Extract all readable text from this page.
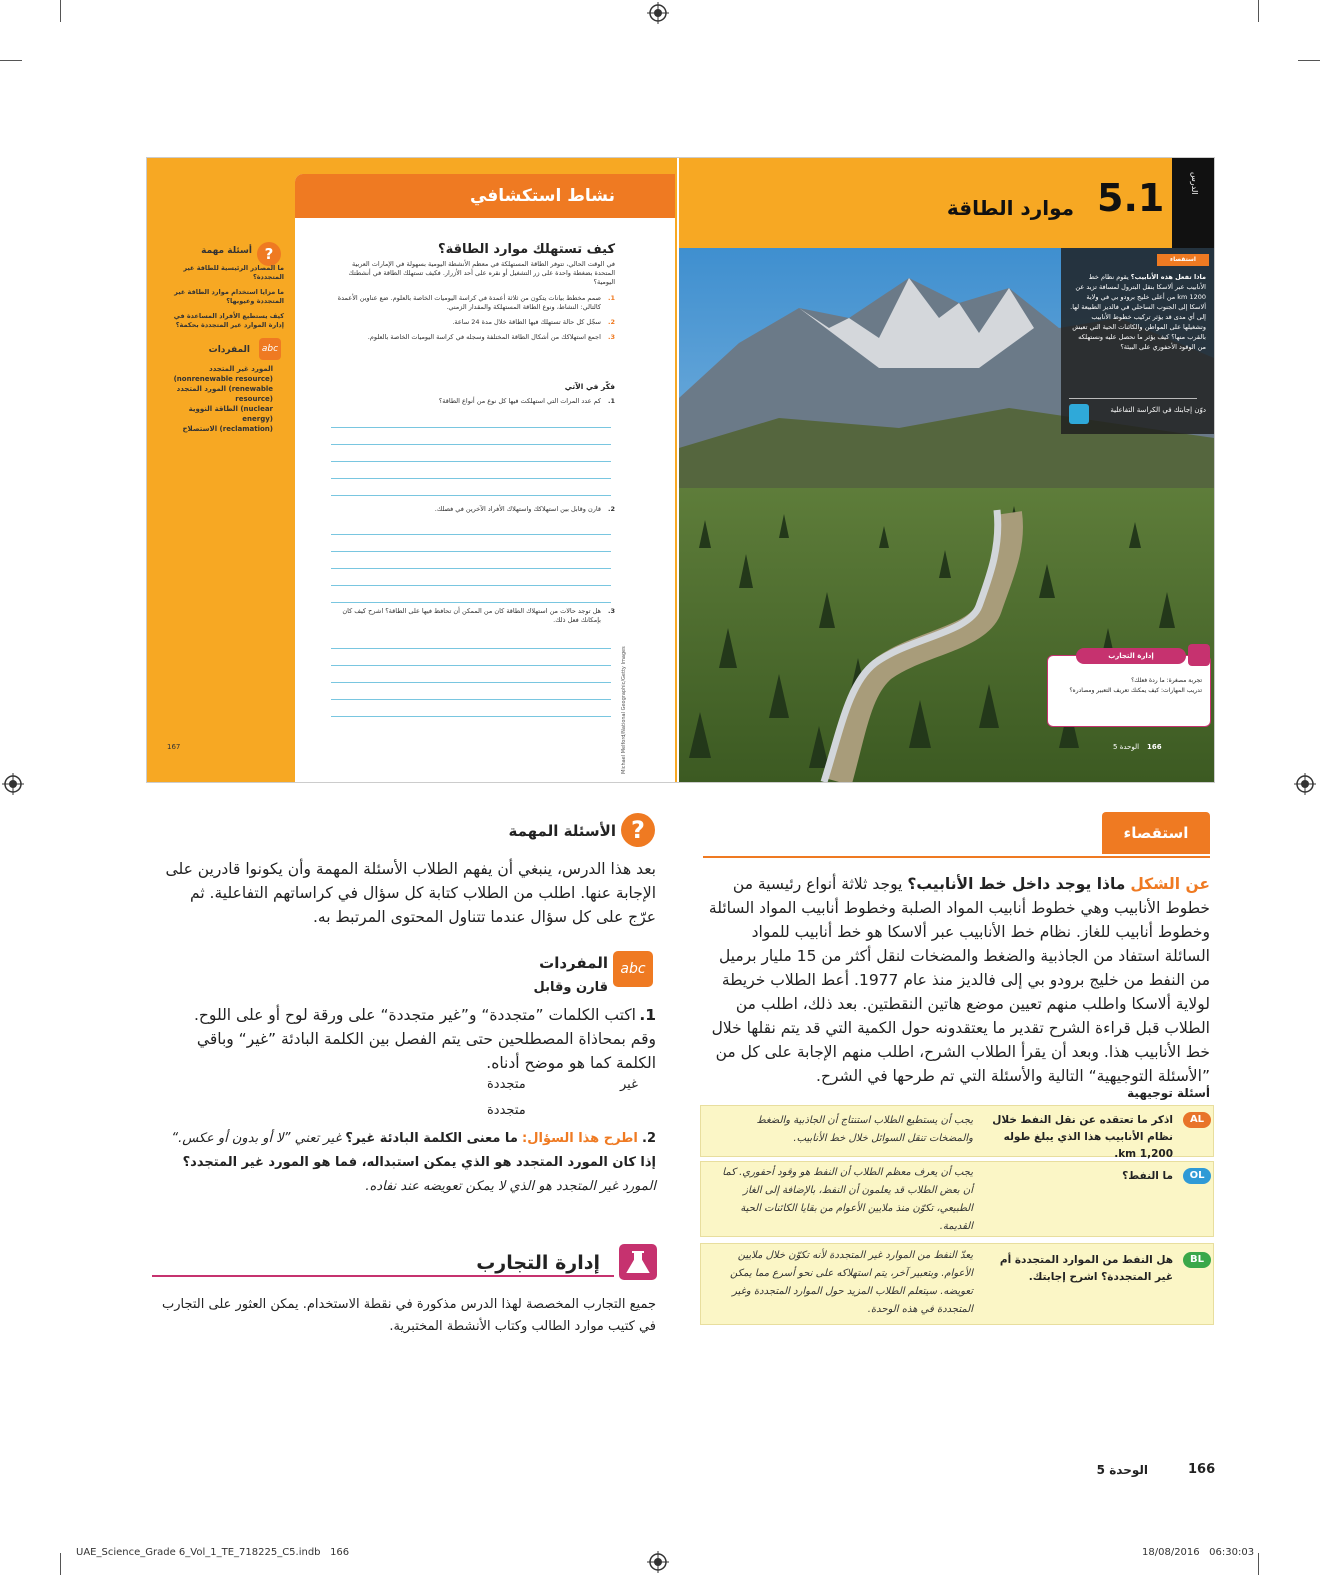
?
أسئلة مهمة
ما المصادر الرئيسية للطاقة غير المتجددة؟
ما مزايا استخدام موارد الطاقة غير المتجددة وعيوبها؟
كيف يستطيع الأفراد المساعدة في إدارة الموارد غير المتجددة بحكمة؟
abc
المفردات
المورد غير المتجدد
(nonrenewable resource)
المورد المتجدد (renewable
resource)
الطاقة النووية (nuclear
energy)
الاستصلاح (reclamation)
167
نشاط استكشافي
كيف تستهلك موارد الطاقة؟
في الوقت الحالي، تتوفر الطاقة المستهلكة في معظم الأنشطة اليومية بسهولة في الإمارات العربية المتحدة بضغطة واحدة على زر التشغيل أو نقره على أحد الأزرار. فكيف تستهلك الطاقة في أنشطتك اليومية؟
1.
صمم مخطط بيانات يتكون من ثلاثة أعمدة في كراسة اليوميات الخاصة بالعلوم. ضع عناوين الأعمدة كالتالي: النشاط، ونوع الطاقة المستهلكة والمقدار الزمني.
2.
سجّل كل حالة تستهلك فيها الطاقة خلال مدة 24 ساعة.
3.
اجمع استهلاكك من أشكال الطاقة المختلفة وسجله في كراسة اليوميات الخاصة بالعلوم.
فكّر في الآتي
1.
كم عدد المرات التي استهلكت فيها كل نوع من أنواع الطاقة؟
2.
قارن وقابل بين استهلاكك واستهلاك الأفراد الآخرين في فصلك.
3.
هل توجد حالات من استهلاك الطاقة كان من الممكن أن تحافظ فيها على الطاقة؟ اشرح كيف كان بإمكانك فعل ذلك.
Michael Melford/National Geographic/Getty Images
الدرس
5.1
موارد الطاقة
استقصاء
ماذا تفعل هذه الأنابيب؟ يقوم نظام خط الأنابيب عبر ألاسكا بنقل البترول لمسافة تزيد عن 1200 km من أعلى خليج برودو بي في ولاية ألاسكا إلى الجنوب الساحلي في فالديز الطبيعة لها. إلى أي مدى قد يؤثر تركيب خطوط الأنابيب وتشغيلها على المواطن والكائنات الحية التي تعيش بالقرب منها؟ كيف يؤثر ما نحصل عليه ونستهلكه من الوقود الأحفوري على البيئة؟
دوّن إجابتك في الكراسة التفاعلية
إدارة التجارب
تجربة مصغرة: ما ردة فعلك؟
تدريب المهارات: كيف يمكنك تعريف التعبير ومصادره؟
166
الوحدة 5
?
الأسئلة المهمة
بعد هذا الدرس، ينبغي أن يفهم الطلاب الأسئلة المهمة وأن يكونوا قادرين على الإجابة عنها. اطلب من الطلاب كتابة كل سؤال في كراساتهم التفاعلية. ثم عرّج على كل سؤال عندما تتناول المحتوى المرتبط به.
abc
المفردات
قارن وقابل
1.
اكتب الكلمات ”متجددة“ و”غير متجددة“ على ورقة لوح أو على اللوح.
وقم بمحاذاة المصطلحين حتى يتم الفصل بين الكلمة البادئة ”غير“ وباقي
الكلمة كما هو موضح أدناه.
غير
متجددة
متجددة
2. اطرح هذا السؤال: ما معنى الكلمة البادئة غير؟ غير تعني ”لا أو بدون أو عكس.“ إذا كان المورد المتجدد هو الذي يمكن استبداله، فما هو المورد غير المتجدد؟ المورد غير المتجدد هو الذي لا يمكن تعويضه عند نفاده.
إدارة التجارب
جميع التجارب المخصصة لهذا الدرس مذكورة في نقطة الاستخدام. يمكن العثور على التجارب في كتيب موارد الطالب وكتاب الأنشطة المختبرية.
استقصاء
عن الشكل ماذا يوجد داخل خط الأنابيب؟ يوجد ثلاثة أنواع رئيسية من خطوط الأنابيب وهي خطوط أنابيب المواد الصلبة وخطوط أنابيب المواد السائلة وخطوط أنابيب للغاز. نظام خط الأنابيب عبر ألاسكا هو خط أنابيب للمواد السائلة استفاد من الجاذبية والضغط والمضخات لنقل أكثر من 15 مليار برميل من النفط من خليج برودو بي إلى فالديز منذ عام 1977. أعط الطلاب خريطة لولاية ألاسكا واطلب منهم تعيين موضع هاتين النقطتين. بعد ذلك، اطلب من الطلاب قبل قراءة الشرح تقدير ما يعتقدونه حول الكمية التي قد يتم نقلها خلال خط الأنابيب هذا. وبعد أن يقرأ الطلاب الشرح، اطلب منهم الإجابة على كل من ”الأسئلة التوجيهية“ التالية والأسئلة التي تم طرحها في الشرح.
أسئلة توجيهية
AL
اذكر ما تعتقده عن نقل النفط خلال نظام الأنابيب هذا الذي يبلغ طوله 1,200 km.
يجب أن يستطيع الطلاب استنتاج أن الجاذبية والضغط والمضخات تنقل السوائل خلال خط الأنابيب.
OL
ما النفط؟
يجب أن يعرف معظم الطلاب أن النفط هو وقود أحفوري. كما أن بعض الطلاب قد يعلمون أن النفط، بالإضافة إلى الغاز الطبيعي، تكوّن منذ ملايين الأعوام من بقايا الكائنات الحية القديمة.
BL
هل النفط من الموارد المتجددة أم غير المتجددة؟ اشرح إجابتك.
يعدّ النفط من الموارد غير المتجددة لأنه تكوّن خلال ملايين الأعوام. وبتعبير آخر، يتم استهلاكه على نحو أسرع مما يمكن تعويضه. سيتعلم الطلاب المزيد حول الموارد المتجددة وغير المتجددة في هذه الوحدة.
166
الوحدة 5
UAE_Science_Grade 6_Vol_1_TE_718225_C5.indb   166	18/08/2016   06:30:03
